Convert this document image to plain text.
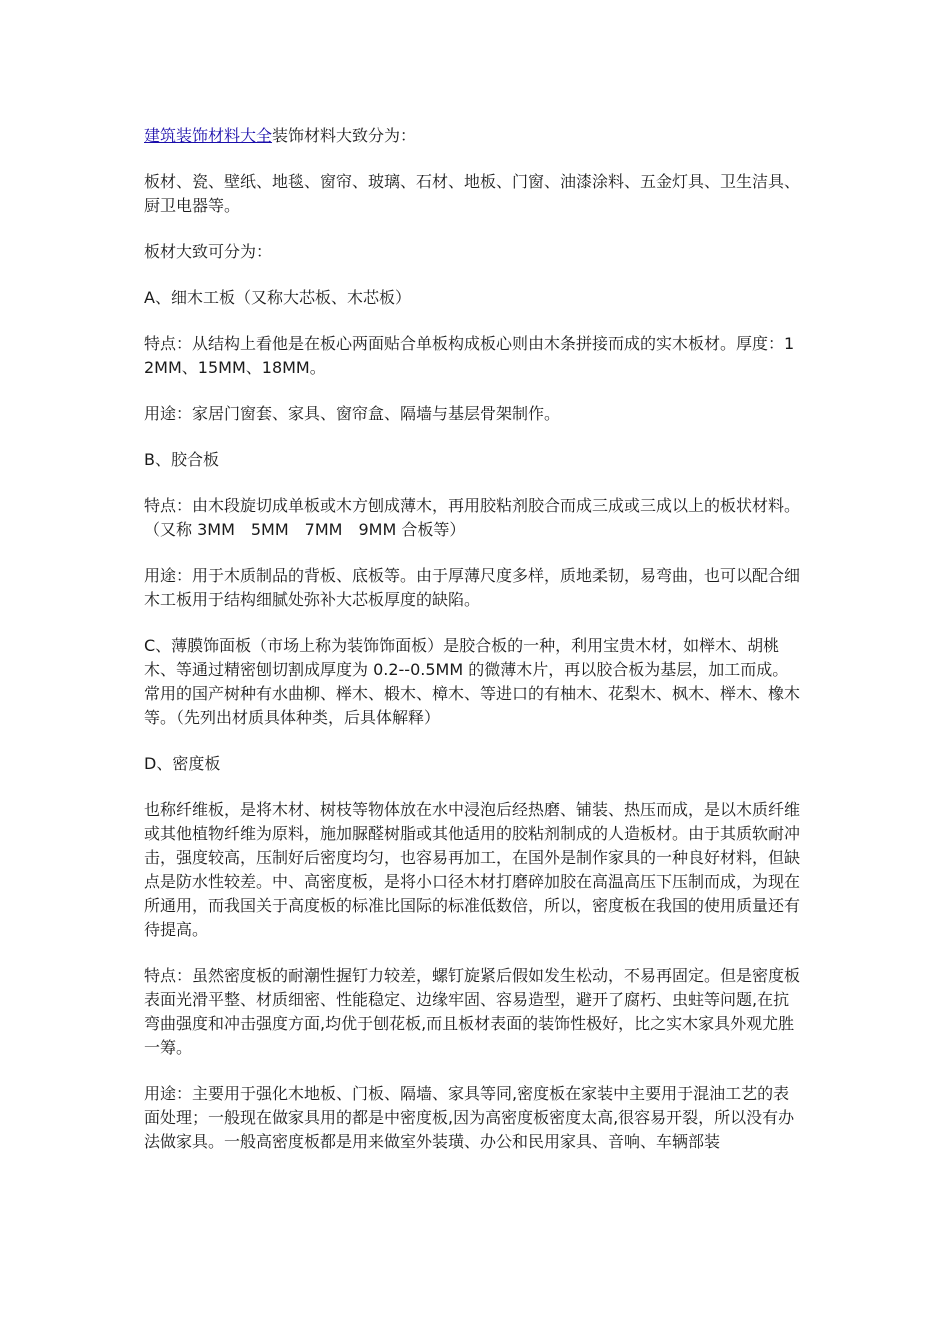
建筑装饰材料大全装饰材料大致分为：

板材、瓷、壁纸、地毯、窗帘、玻璃、石材、地板、门窗、油漆涂料、五金灯具、卫生洁具、厨卫电器等。

板材大致可分为：

A、细木工板（又称大芯板、木芯板）

特点：从结构上看他是在板心两面贴合单板构成板心则由木条拼接而成的实木板材。厚度：12MM、15MM、18MM。

用途：家居门窗套、家具、窗帘盒、隔墙与基层骨架制作。

B、胶合板

特点：由木段旋切成单板或木方刨成薄木，再用胶粘剂胶合而成三成或三成以上的板状材料。（又称 3MM　5MM　7MM　9MM 合板等）

用途：用于木质制品的背板、底板等。由于厚薄尺度多样，质地柔韧，易弯曲，也可以配合细木工板用于结构细腻处弥补大芯板厚度的缺陷。

C、薄膜饰面板（市场上称为装饰饰面板）是胶合板的一种，利用宝贵木材，如榉木、胡桃木、等通过精密刨切割成厚度为 0.2--0.5MM 的微薄木片，再以胶合板为基层，加工而成。常用的国产树种有水曲柳、榉木、椴木、樟木、等进口的有柚木、花梨木、枫木、榉木、橡木等。（先列出材质具体种类，后具体解释）

D、密度板

也称纤维板，是将木材、树枝等物体放在水中浸泡后经热磨、铺装、热压而成，是以木质纤维或其他植物纤维为原料，施加脲醛树脂或其他适用的胶粘剂制成的人造板材。由于其质软耐冲击，强度较高，压制好后密度均匀，也容易再加工，在国外是制作家具的一种良好材料，但缺点是防水性较差。中、高密度板，是将小口径木材打磨碎加胶在高温高压下压制而成，为现在所通用，而我国关于高度板的标准比国际的标准低数倍，所以，密度板在我国的使用质量还有待提高。

特点：虽然密度板的耐潮性握钉力较差，螺钉旋紧后假如发生松动，不易再固定。但是密度板表面光滑平整、材质细密、性能稳定、边缘牢固、容易造型，避开了腐朽、虫蛀等问题,在抗弯曲强度和冲击强度方面,均优于刨花板,而且板材表面的装饰性极好，比之实木家具外观尤胜一筹。

用途：主要用于强化木地板、门板、隔墙、家具等同,密度板在家装中主要用于混油工艺的表面处理；一般现在做家具用的都是中密度板,因为高密度板密度太高,很容易开裂，所以没有办法做家具。一般高密度板都是用来做室外装璜、办公和民用家具、音响、车辆部装
